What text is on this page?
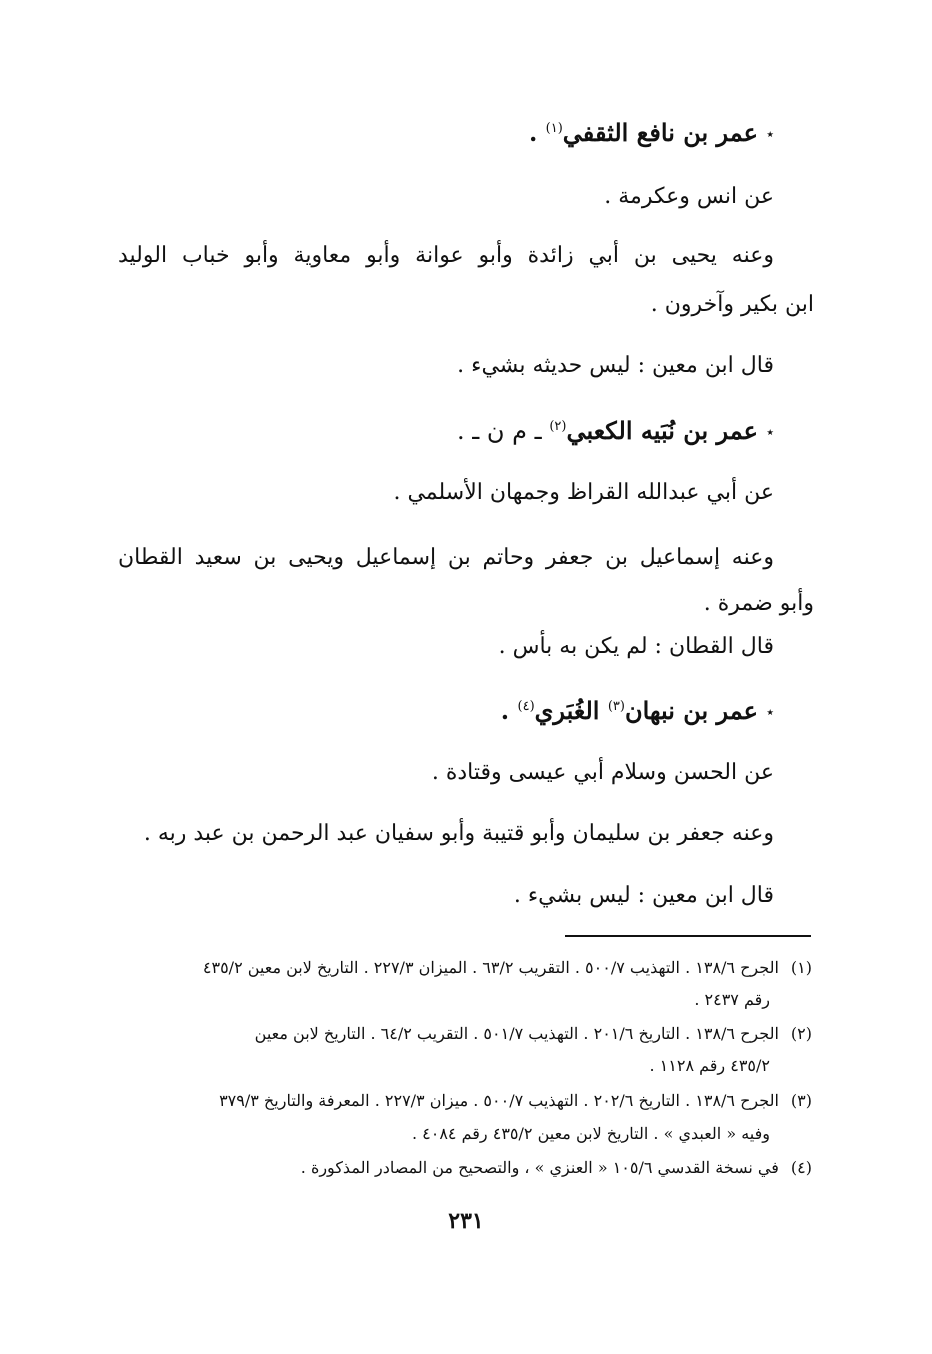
٭ عمر بن نافع الثقفي$^{(١)}$ .
عن انس وعكرمة .
وعنه يحيى بن أبي زائدة وأبو عوانة وأبو معاوية وأبو خباب الوليد
ابن بكير وآخرون .
قال ابن معين : ليس حديثه بشيء .
٭ عمر بن نُبَيه الكعبي$^{(٢)}$ ـ م ن ـ .
عن أبي عبدالله القراظ وجمهان الأسلمي .
وعنه إسماعيل بن جعفر وحاتم بن إسماعيل ويحيى بن سعيد القطان
وأبو ضمرة .
قال القطان : لم يكن به بأس .
٭ عمر بن نبهان$^{(٣)}$ الغُبَري$^{(٤)}$ .
عن الحسن وسلام أبي عيسى وقتادة .
وعنه جعفر بن سليمان وأبو قتيبة وأبو سفيان عبد الرحمن بن عبد ربه .
قال ابن معين : ليس بشيء .
(١)الجرح ١٣٨/٦ . التهذيب ٥٠٠/٧ . التقريب ٦٣/٢ . الميزان ٢٢٧/٣ . التاريخ لابن معين ٤٣٥/٢
رقم ٢٤٣٧ .
(٢)الجرح ١٣٨/٦ . التاريخ ٢٠١/٦ . التهذيب ٥٠١/٧ . التقريب ٦٤/٢ . التاريخ لابن معين
٤٣٥/٢ رقم ١١٢٨ .
(٣)الجرح ١٣٨/٦ . التاريخ ٢٠٢/٦ . التهذيب ٥٠٠/٧ . ميزان ٢٢٧/٣ . المعرفة والتاريخ ٣٧٩/٣
وفيه « العبدي » . التاريخ لابن معين ٤٣٥/٢ رقم ٤٠٨٤ .
(٤)في نسخة القدسي ١٠٥/٦ « العنزي » ، والتصحيح من المصادر المذكورة .
٢٣١
